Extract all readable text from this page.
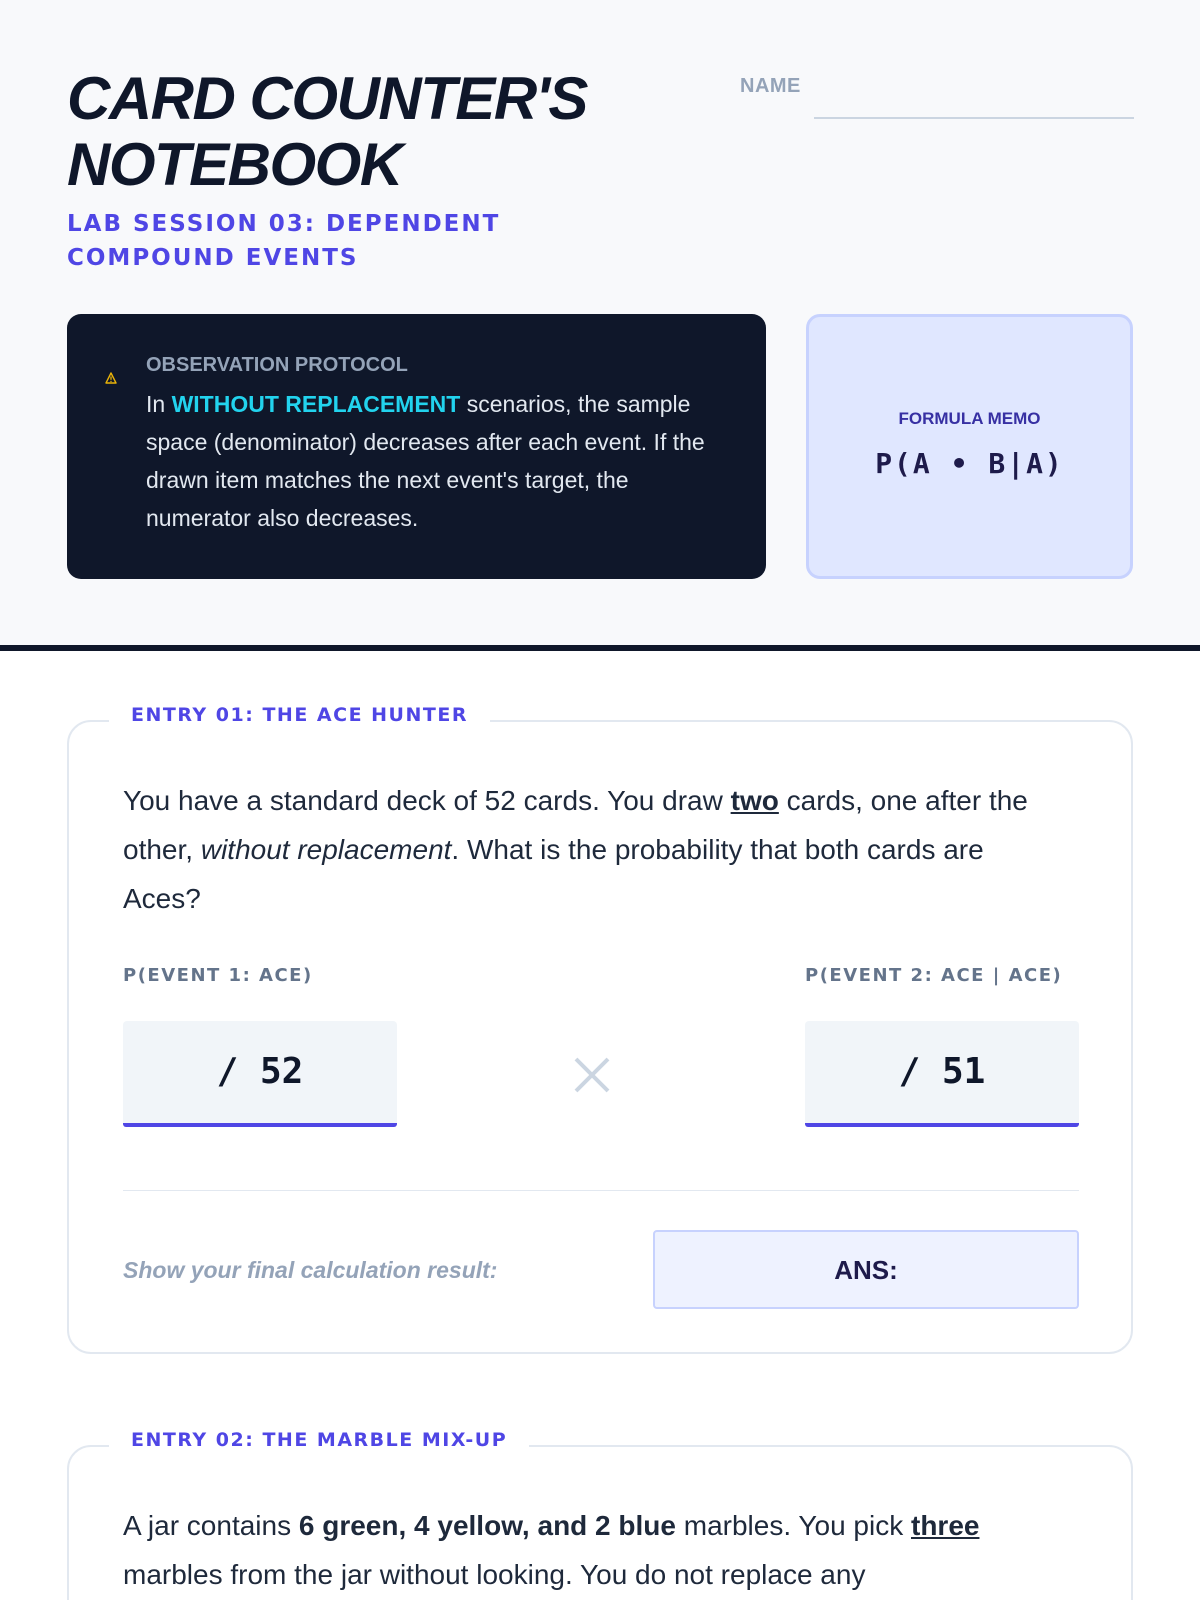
CARD COUNTER'S NOTEBOOK
LAB SESSION 03: DEPENDENT COMPOUND EVENTS
NAME
OBSERVATION PROTOCOL

In WITHOUT REPLACEMENT scenarios, the sample space (denominator) decreases after each event. If the drawn item matches the next event's target, the numerator also decreases.

FORMULA MEMO
P(A • B|A)
ENTRY 01: THE ACE HUNTER

You have a standard deck of 52 cards. You draw two cards, one after the other, without replacement. What is the probability that both cards are Aces?

P(EVENT 1: ACE)	P(EVENT 2: ACE | ACE)
/ 52	/ 51
Show your final calculation result:	ANS:
ENTRY 02: THE MARBLE MIX-UP

A jar contains 6 green, 4 yellow, and 2 blue marbles. You pick three marbles from the jar without looking. You do not replace any
